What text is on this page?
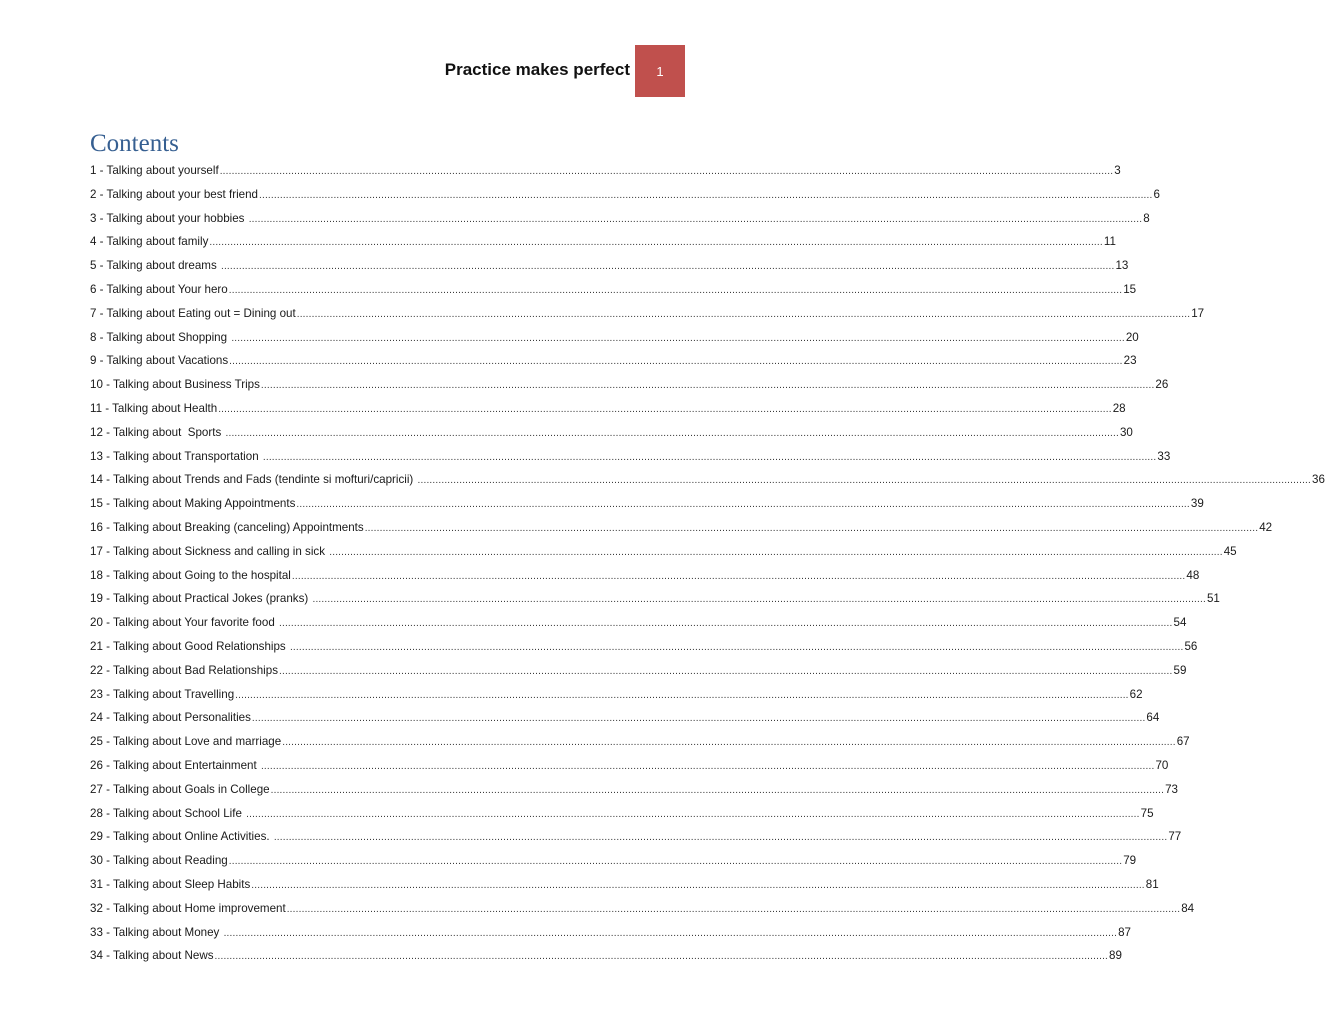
Practice makes perfect	1
Contents
1 - Talking about yourself ............................................................................................................................................................................................................................................................................................................ 3
2 - Talking about your best friend ............................................................................................................................................................................................................................................................................................................ 6
3 - Talking about your hobbies ............................................................................................................................................................................................................................................................................................................ 8
4 - Talking about family ............................................................................................................................................................................................................................................................................................................ 11
5 - Talking about dreams ............................................................................................................................................................................................................................................................................................................ 13
6 - Talking about Your hero ............................................................................................................................................................................................................................................................................................................ 15
7 - Talking about Eating out = Dining out ............................................................................................................................................................................................................................................................................................................ 17
8 - Talking about Shopping ............................................................................................................................................................................................................................................................................................................ 20
9 - Talking about Vacations ............................................................................................................................................................................................................................................................................................................ 23
10 - Talking about Business Trips ............................................................................................................................................................................................................................................................................................................ 26
11 - Talking about Health ............................................................................................................................................................................................................................................................................................................ 28
12 - Talking about  Sports ............................................................................................................................................................................................................................................................................................................ 30
13 - Talking about Transportation ............................................................................................................................................................................................................................................................................................................ 33
14 - Talking about Trends and Fads (tendinte si mofturi/capricii) ............................................................................................................................................................................................................................................................................................................ 36
15 - Talking about Making Appointments ............................................................................................................................................................................................................................................................................................................ 39
16 - Talking about Breaking (canceling) Appointments ............................................................................................................................................................................................................................................................................................................ 42
17 - Talking about Sickness and calling in sick ............................................................................................................................................................................................................................................................................................................ 45
18 - Talking about Going to the hospital ............................................................................................................................................................................................................................................................................................................ 48
19 - Talking about Practical Jokes (pranks) ............................................................................................................................................................................................................................................................................................................ 51
20 - Talking about Your favorite food ............................................................................................................................................................................................................................................................................................................ 54
21 - Talking about Good Relationships ............................................................................................................................................................................................................................................................................................................ 56
22 - Talking about Bad Relationships ............................................................................................................................................................................................................................................................................................................ 59
23 - Talking about Travelling ............................................................................................................................................................................................................................................................................................................ 62
24 - Talking about Personalities ............................................................................................................................................................................................................................................................................................................ 64
25 - Talking about Love and marriage ............................................................................................................................................................................................................................................................................................................ 67
26 - Talking about Entertainment ............................................................................................................................................................................................................................................................................................................ 70
27 - Talking about Goals in College ............................................................................................................................................................................................................................................................................................................ 73
28 - Talking about School Life ............................................................................................................................................................................................................................................................................................................ 75
29 - Talking about Online Activities. ............................................................................................................................................................................................................................................................................................................ 77
30 - Talking about Reading ............................................................................................................................................................................................................................................................................................................ 79
31 - Talking about Sleep Habits ............................................................................................................................................................................................................................................................................................................ 81
32 - Talking about Home improvement ............................................................................................................................................................................................................................................................................................................ 84
33 - Talking about Money ............................................................................................................................................................................................................................................................................................................ 87
34 - Talking about News ............................................................................................................................................................................................................................................................................................................ 89
